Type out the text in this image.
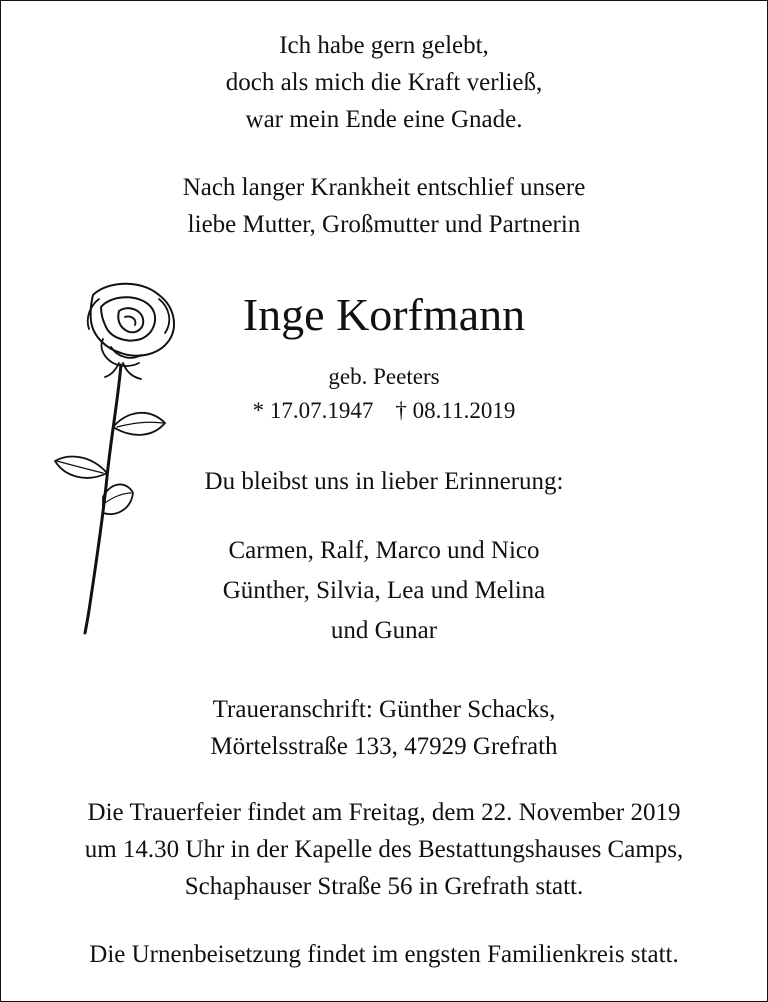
Ich habe gern gelebt,
doch als mich die Kraft verließ,
war mein Ende eine Gnade.
Nach langer Krankheit entschlief unsere
liebe Mutter, Großmutter und Partnerin
Inge Korfmann
geb. Peeters
* 17.07.1947 † 08.11.2019
Du bleibst uns in lieber Erinnerung:
Carmen, Ralf, Marco und Nico
Günther, Silvia, Lea und Melina
und Gunar
Traueranschrift: Günther Schacks,
Mörtelsstraße 133, 47929 Grefrath
Die Trauerfeier findet am Freitag, dem 22. November 2019
um 14.30 Uhr in der Kapelle des Bestattungshauses Camps,
Schaphauser Straße 56 in Grefrath statt.
Die Urnenbeisetzung findet im engsten Familienkreis statt.
